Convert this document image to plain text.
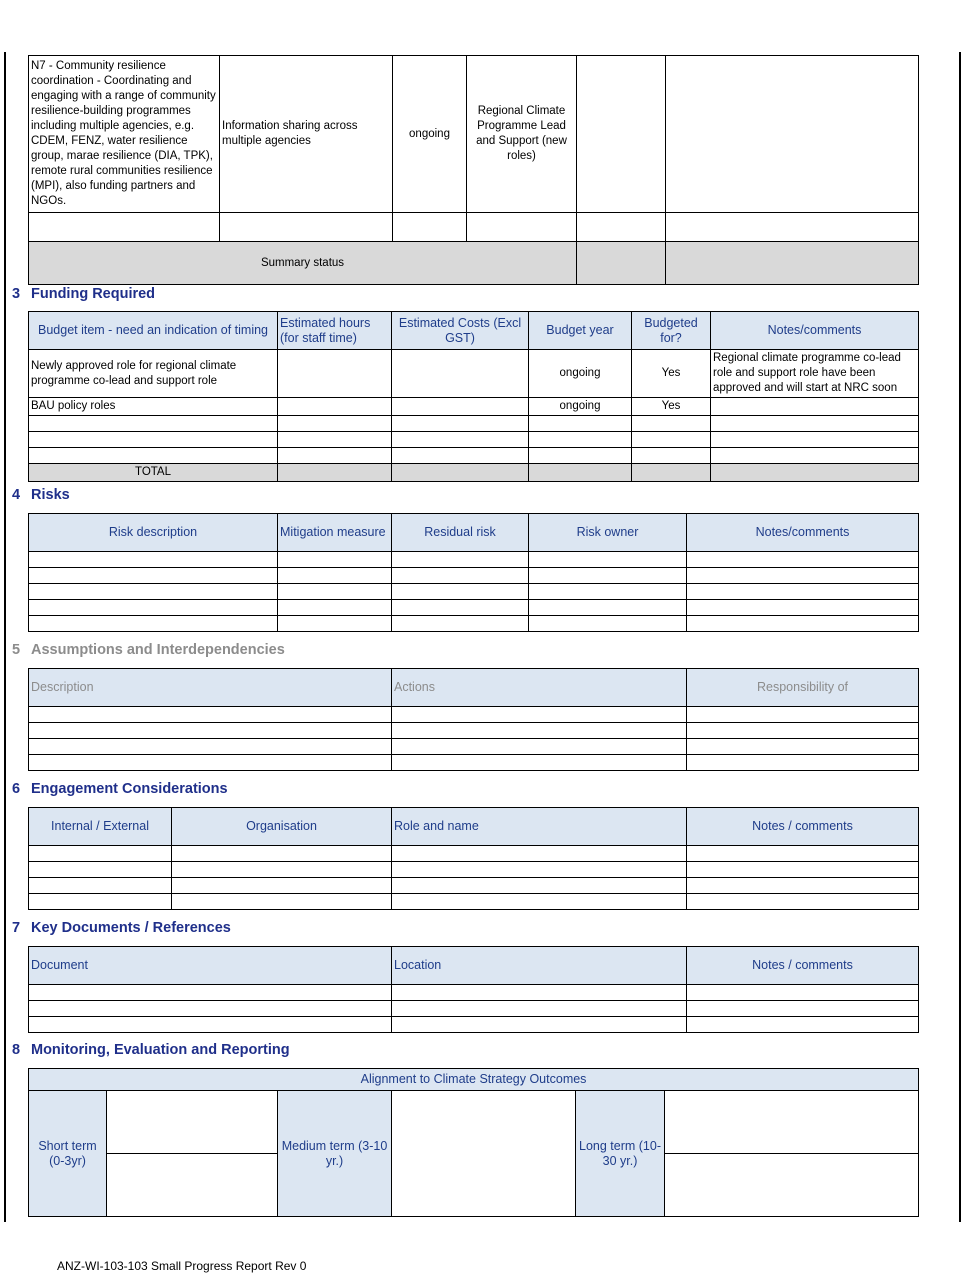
N7 - Community resilience coordination - Coordinating and engaging with a range of community resilience-building programmes including multiple agencies, e.g. CDEM, FENZ, water resilience group, marae resilience (DIA, TPK), remote rural communities resilience (MPI), also funding partners and NGOs.	Information sharing across multiple agencies	ongoing	Regional Climate Programme Lead and Support (new roles)		

Summary status					
3 Funding Required
Budget item - need an indication of timing	Estimated hours (for staff time)	Estimated Costs (Excl GST)	Budget year	Budgeted for?	Notes/comments
Newly approved role for regional climate programme co-lead and support role			ongoing	Yes	Regional climate programme co-lead role and support role have been approved and will start at NRC soon
BAU policy roles			ongoing	Yes	

TOTAL					
4 Risks
Risk description	Mitigation measure	Residual risk	Risk owner	Notes/comments

5 Assumptions and Interdependencies
Description	Actions	Responsibility of

6 Engagement Considerations
Internal / External	Organisation	Role and name	Notes / comments

7 Key Documents / References
Document	Location	Notes / comments

8 Monitoring, Evaluation and Reporting
Alignment to Climate Strategy Outcomes					
Short term (0-3yr)		Medium term (3-10 yr.)		Long term (10-30 yr.)	

ANZ-WI-103-103 Small Progress Report Rev 0
